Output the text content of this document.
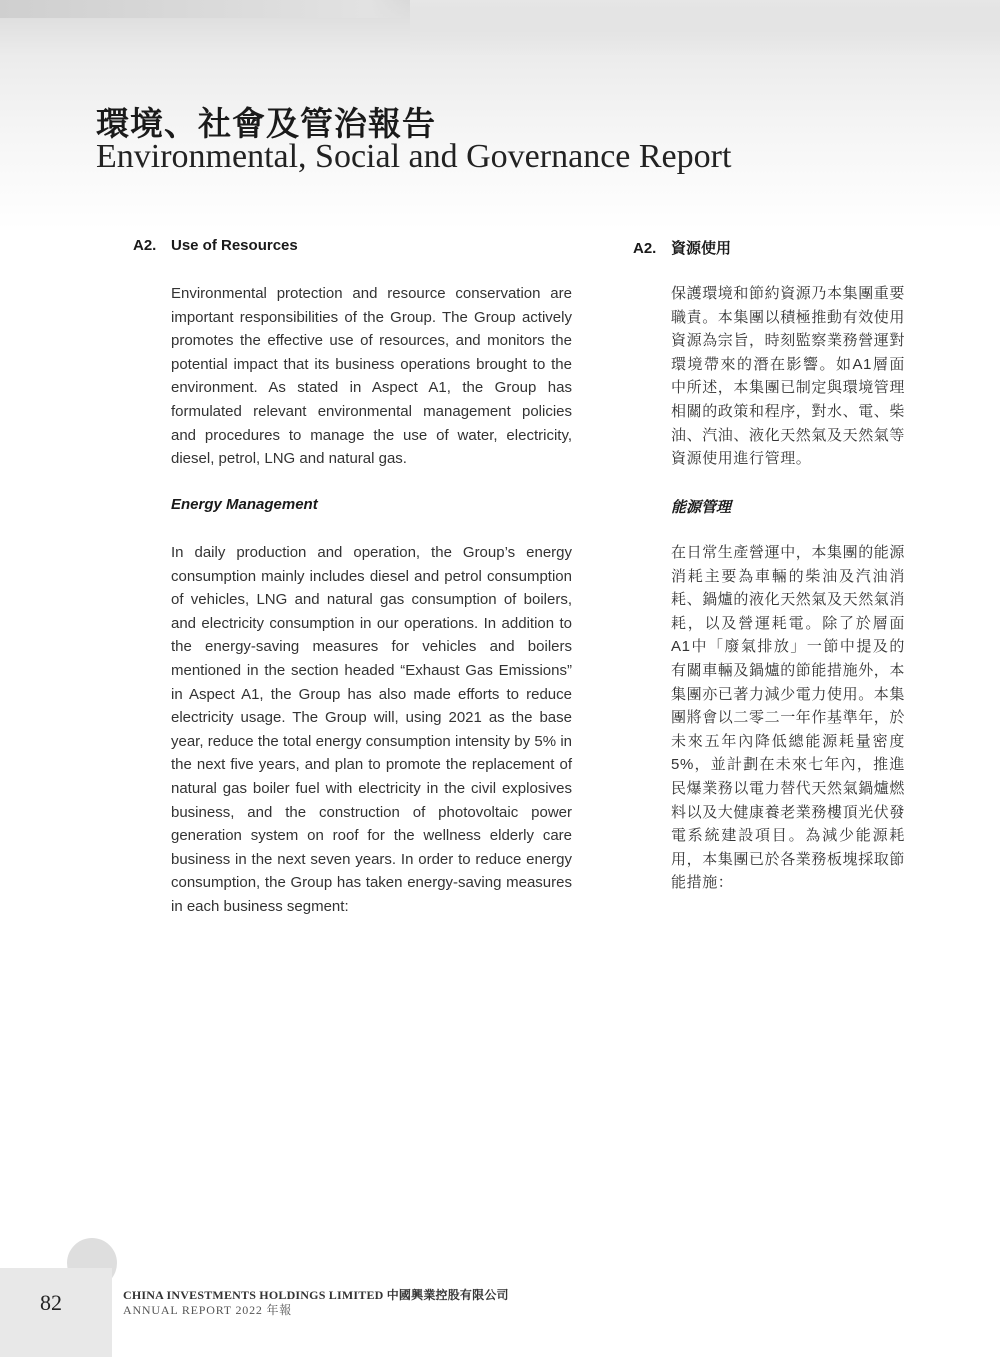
環境、社會及管治報告
Environmental, Social and Governance Report
A2. Use of Resources

Environmental protection and resource conservation are important responsibilities of the Group. The Group actively promotes the effective use of resources, and monitors the potential impact that its business operations brought to the environment. As stated in Aspect A1, the Group has formulated relevant environmental management policies and procedures to manage the use of water, electricity, diesel, petrol, LNG and natural gas.

Energy Management

In daily production and operation, the Group’s energy consumption mainly includes diesel and petrol consumption of vehicles, LNG and natural gas consumption of boilers, and electricity consumption in our operations. In addition to the energy-saving measures for vehicles and boilers mentioned in the section headed “Exhaust Gas Emissions” in Aspect A1, the Group has also made efforts to reduce electricity usage. The Group will, using 2021 as the base year, reduce the total energy consumption intensity by 5% in the next five years, and plan to promote the replacement of natural gas boiler fuel with electricity in the civil explosives business, and the construction of photovoltaic power generation system on roof for the wellness elderly care business in the next seven years. In order to reduce energy consumption, the Group has taken energy-saving measures in each business segment:

A2. 資源使用

保護環境和節約資源乃本集團重要職責。本集團以積極推動有效使用資源為宗旨，時刻監察業務營運對環境帶來的潛在影響。如A1層面中所述，本集團已制定與環境管理相關的政策和程序，對水、電、柴油、汽油、液化天然氣及天然氣等資源使用進行管理。

能源管理

在日常生產營運中，本集團的能源消耗主要為車輛的柴油及汽油消耗、鍋爐的液化天然氣及天然氣消耗，以及營運耗電。除了於層面A1中「廢氣排放」一節中提及的有關車輛及鍋爐的節能措施外，本集團亦已著力減少電力使用。本集團將會以二零二一年作基準年，於未來五年內降低總能源耗量密度5%，並計劃在未來七年內，推進民爆業務以電力替代天然氣鍋爐燃料以及大健康養老業務樓頂光伏發電系統建設項目。為減少能源耗用，本集團已於各業務板塊採取節能措施：

82	CHINA INVESTMENTS HOLDINGS LIMITED 中國興業控股有限公司
ANNUAL REPORT 2022 年報
